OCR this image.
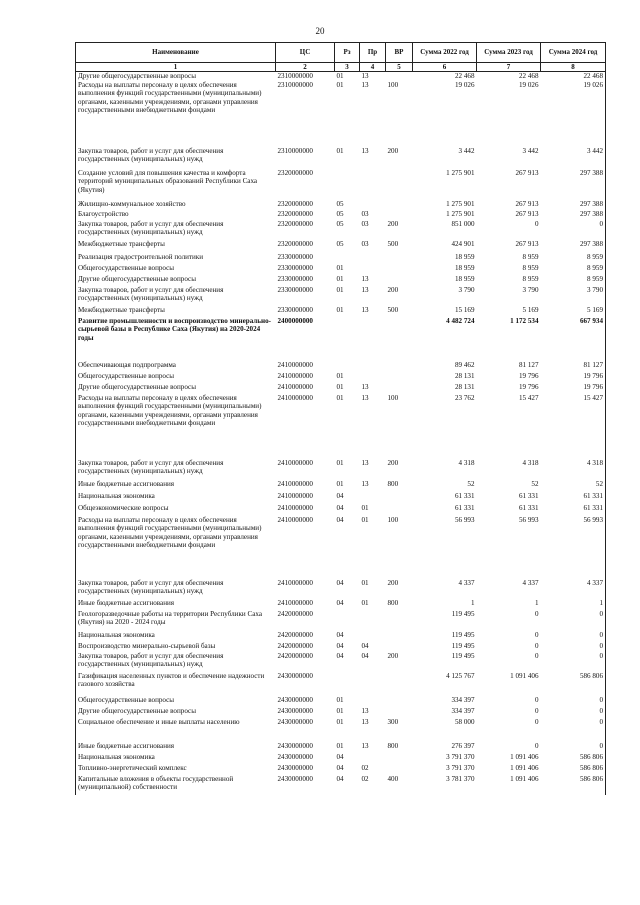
20
Наименование	ЦС	Рз	Пр	ВР	Сумма 2022 год	Сумма 2023 год	Сумма 2024 год
1	2	3	4	5	6	7	8
Другие общегосударственные вопросы	2310000000	01	13		22 468	22 468	22 468
Расходы на выплаты персоналу в целях обеспечения выполнения функций государственными (муниципальными) органами, казенными учреждениями, органами управления государственными внебюджетными фондами	2310000000	01	13	100	19 026	19 026	19 026
Закупка товаров, работ и услуг для обеспечения государственных (муниципальных) нужд	2310000000	01	13	200	3 442	3 442	3 442
Создание условий для повышения качества и комфорта территорий муниципальных образований Республики Саха (Якутия)	2320000000				1 275 901	267 913	297 388
Жилищно-коммунальное хозяйство	2320000000	05			1 275 901	267 913	297 388
Благоустройство	2320000000	05	03		1 275 901	267 913	297 388
Закупка товаров, работ и услуг для обеспечения государственных (муниципальных) нужд	2320000000	05	03	200	851 000	0	0
Межбюджетные трансферты	2320000000	05	03	500	424 901	267 913	297 388
Реализация градостроительной политики	2330000000				18 959	8 959	8 959
Общегосударственные вопросы	2330000000	01			18 959	8 959	8 959
Другие общегосударственные вопросы	2330000000	01	13		18 959	8 959	8 959
Закупка товаров, работ и услуг для обеспечения государственных (муниципальных) нужд	2330000000	01	13	200	3 790	3 790	3 790
Межбюджетные трансферты	2330000000	01	13	500	15 169	5 169	5 169
Развитие промышленности и воспроизводство минерально-сырьевой базы в Республике Саха (Якутия) на 2020-2024 годы	2400000000				4 482 724	1 172 534	667 934
Обеспечивающая подпрограмма	2410000000				89 462	81 127	81 127
Общегосударственные вопросы	2410000000	01			28 131	19 796	19 796
Другие общегосударственные вопросы	2410000000	01	13		28 131	19 796	19 796
Расходы на выплаты персоналу в целях обеспечения выполнения функций государственными (муниципальными) органами, казенными учреждениями, органами управления государственными внебюджетными фондами	2410000000	01	13	100	23 762	15 427	15 427
Закупка товаров, работ и услуг для обеспечения государственных (муниципальных) нужд	2410000000	01	13	200	4 318	4 318	4 318
Иные бюджетные ассигнования	2410000000	01	13	800	52	52	52
Национальная экономика	2410000000	04			61 331	61 331	61 331
Общеэкономические вопросы	2410000000	04	01		61 331	61 331	61 331
Расходы на выплаты персоналу в целях обеспечения выполнения функций государственными (муниципальными) органами, казенными учреждениями, органами управления государственными внебюджетными фондами	2410000000	04	01	100	56 993	56 993	56 993
Закупка товаров, работ и услуг для обеспечения государственных (муниципальных) нужд	2410000000	04	01	200	4 337	4 337	4 337
Иные бюджетные ассигнования	2410000000	04	01	800	1	1	1
Геологоразведочные работы на территории Республики Саха (Якутия) на 2020 - 2024 годы	2420000000				119 495	0	0
Национальная экономика	2420000000	04			119 495	0	0
Воспроизводство минерально-сырьевой базы	2420000000	04	04		119 495	0	0
Закупка товаров, работ и услуг для обеспечения государственных (муниципальных) нужд	2420000000	04	04	200	119 495	0	0
Газификация населенных пунктов и обеспечение надежности газового хозяйства	2430000000				4 125 767	1 091 406	586 806
Общегосударственные вопросы	2430000000	01			334 397	0	0
Другие общегосударственные вопросы	2430000000	01	13		334 397	0	0
Социальное обеспечение и иные выплаты населению	2430000000	01	13	300	58 000	0	0
Иные бюджетные ассигнования	2430000000	01	13	800	276 397	0	0
Национальная экономика	2430000000	04			3 791 370	1 091 406	586 806
Топливно-энергетический комплекс	2430000000	04	02		3 791 370	1 091 406	586 806
Капитальные вложения в объекты государственной (муниципальной) собственности	2430000000	04	02	400	3 781 370	1 091 406	586 806
